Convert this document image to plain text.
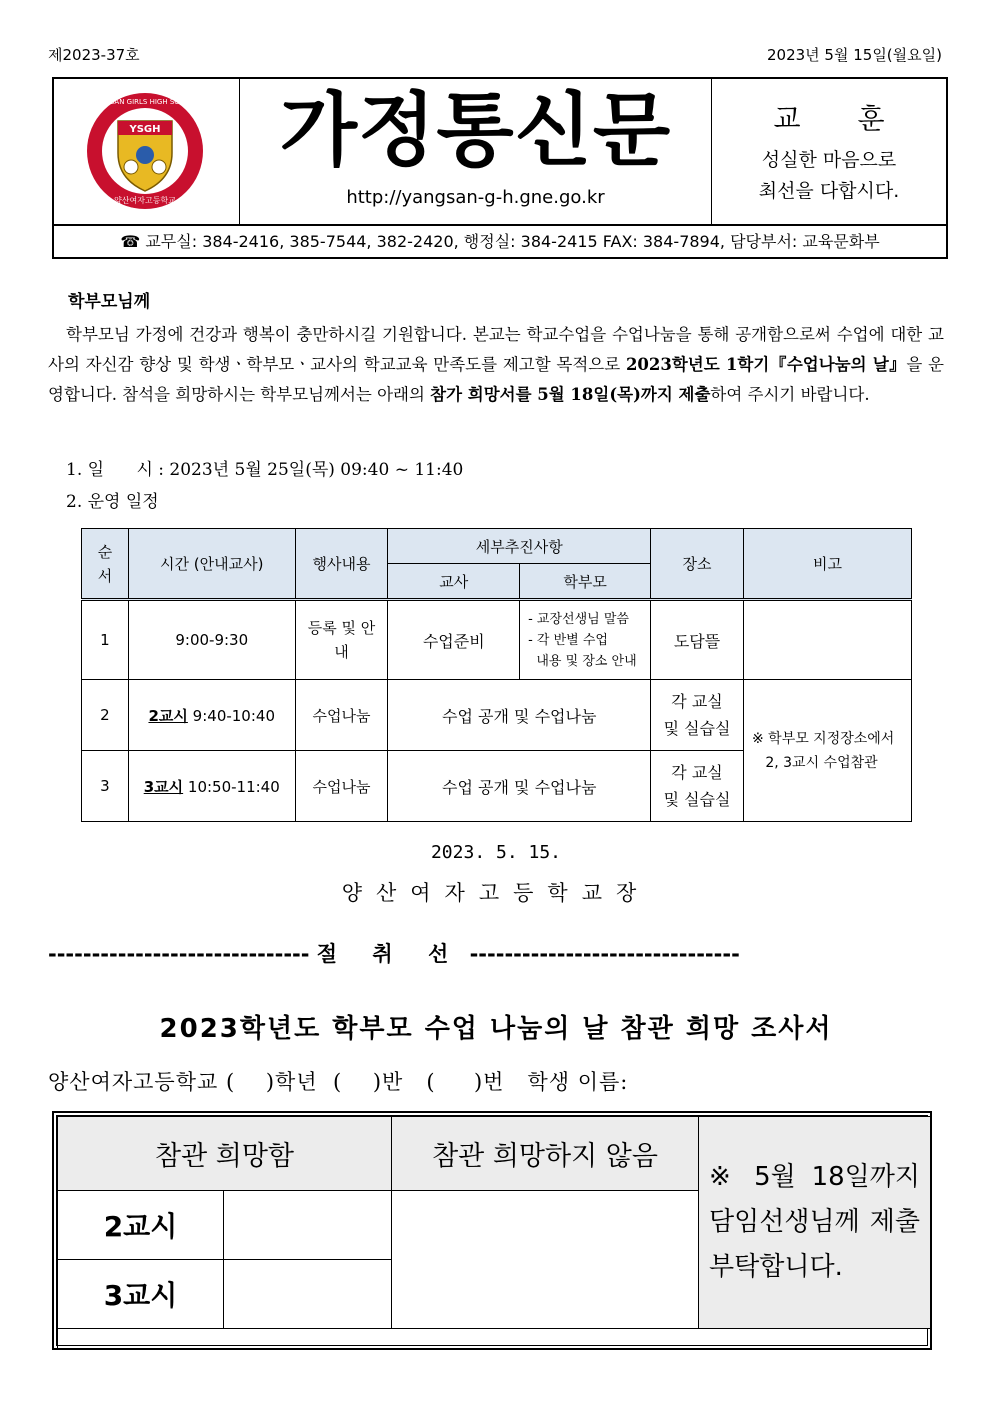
제2023-37호	2023년 5월 15일(월요일)
YSGH
YANGSAN GIRLS HIGH SCHOOL
양산여자고등학교
가정통신문
http://yangsan-g-h.gne.go.kr
교 훈
성실한 마음으로
최선을 다합시다.
☎ 교무실: 384-2416, 385-7544, 382-2420, 행정실: 384-2415 FAX: 384-7894, 담당부서: 교육문화부
학부모님께
학부모님 가정에 건강과 행복이 충만하시길 기원합니다. 본교는 학교수업을 수업나눔을 통해 공개함으로써 수업에 대한 교사의 자신감 향상 및 학생ㆍ학부모ㆍ교사의 학교교육 만족도를 제고할 목적으로 2023학년도 1학기『수업나눔의 날』을 운영합니다. 참석을 희망하시는 학부모님께서는 아래의 참가 희망서를 5월 18일(목)까지 제출하여 주시기 바랍니다.
1. 일      시 : 2023년 5월 25일(목) 09:40 ~ 11:40
2. 운영 일정
순서	시간 (안내교사)	행사내용	세부추진사항		장소	비고
			교사	학부모		
1	9:00-9:30	등록 및 안내	수업준비	- 교장선생님 말씀
- 각 반별 수업
내용 및 장소 안내	도담뜰	
2	2교시 9:40-10:40	수업나눔	수업 공개 및 수업나눔		각 교실
및 실습실	※ 학부모 지정장소에서
2, 3교시 수업참관
3	3교시 10:50-11:40	수업나눔	수업 공개 및 수업나눔		각 교실
및 실습실	
2023. 5. 15.
양산여자고등학교장
------------------------------ 절 취 선 -------------------------------
2023학년도 학부모 수업 나눔의 날 참관 희망 조사서
양산여자고등학교 (    )학년  (    )반   (     )번   학생 이름:
참관 희망함	참관 희망하지 않음
※ 5월 18일까지 담임선생님께 제출 부탁합니다.
2교시
3교시
